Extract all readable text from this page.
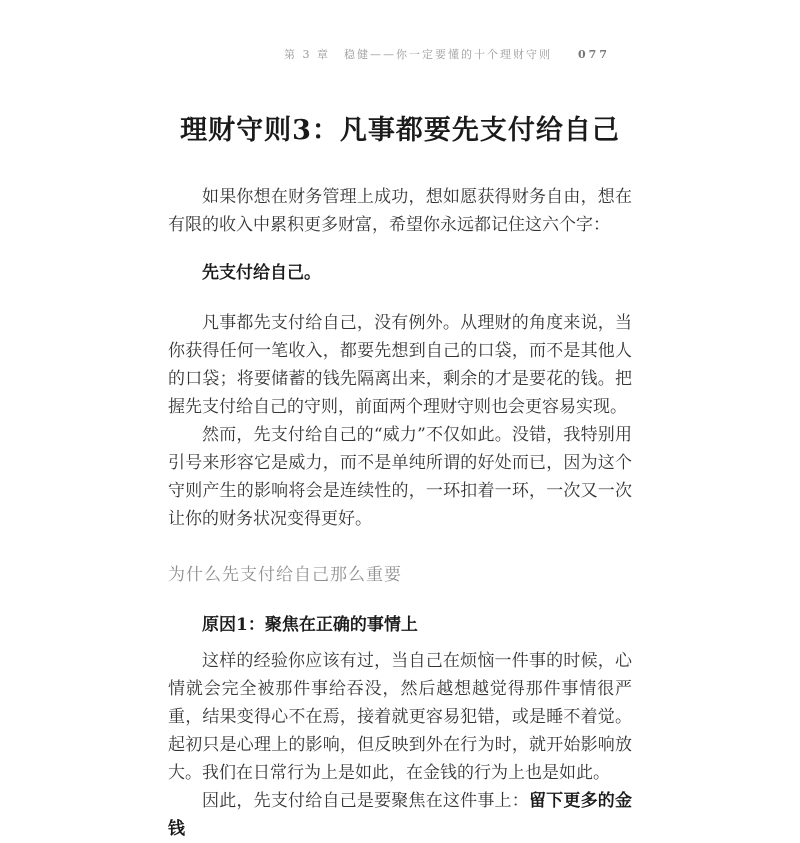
第 3 章 稳健——你一定要懂的十个理财守则 077
理财守则3：凡事都要先支付给自己

如果你想在财务管理上成功，想如愿获得财务自由，想在有限的收入中累积更多财富，希望你永远都记住这六个字：

先支付给自己。

凡事都先支付给自己，没有例外。从理财的角度来说，当你获得任何一笔收入，都要先想到自己的口袋，而不是其他人的口袋；将要储蓄的钱先隔离出来，剩余的才是要花的钱。把握先支付给自己的守则，前面两个理财守则也会更容易实现。

然而，先支付给自己的“威力”不仅如此。没错，我特别用引号来形容它是威力，而不是单纯所谓的好处而已，因为这个守则产生的影响将会是连续性的，一环扣着一环，一次又一次让你的财务状况变得更好。

为什么先支付给自己那么重要

原因1：聚焦在正确的事情上

这样的经验你应该有过，当自己在烦恼一件事的时候，心情就会完全被那件事给吞没，然后越想越觉得那件事情很严重，结果变得心不在焉，接着就更容易犯错，或是睡不着觉。起初只是心理上的影响，但反映到外在行为时，就开始影响放大。我们在日常行为上是如此，在金钱的行为上也是如此。

因此，先支付给自己是要聚焦在这件事上：留下更多的金钱
